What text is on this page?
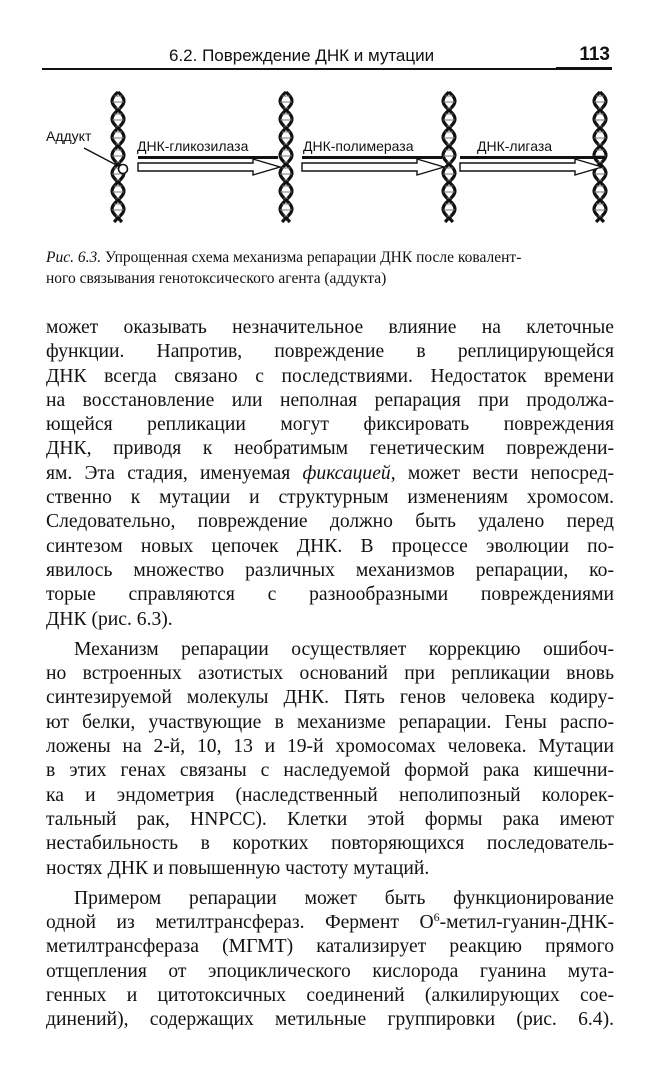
6.2. Повреждение ДНК и мутации	113
Аддукт
ДНК-гликозилаза	ДНК-полимераза	ДНК-лигаза
Рис. 6.3. Упрощенная схема механизма репарации ДНК после ковалент-
ного связывания генотоксического агента (аддукта)
может оказывать незначительное влияние на клеточные
функции. Напротив, повреждение в реплицирующейся
ДНК всегда связано с последствиями. Недостаток времени
на восстановление или неполная репарация при продолжа-
ющейся репликации могут фиксировать повреждения
ДНК, приводя к необратимым генетическим повреждени-
ям. Эта стадия, именуемая фиксацией, может вести непосред-
ственно к мутации и структурным изменениям хромосом.
Следовательно, повреждение должно быть удалено перед
синтезом новых цепочек ДНК. В процессе эволюции по-
явилось множество различных механизмов репарации, ко-
торые справляются с разнообразными повреждениями
ДНК (рис. 6.3).
Механизм репарации осуществляет коррекцию ошибоч-
но встроенных азотистых оснований при репликации вновь
синтезируемой молекулы ДНК. Пять генов человека кодиру-
ют белки, участвующие в механизме репарации. Гены распо-
ложены на 2-й, 10, 13 и 19-й хромосомах человека. Мутации
в этих генах связаны с наследуемой формой рака кишечни-
ка и эндометрия (наследственный неполипозный колорек-
тальный рак, HNPCC). Клетки этой формы рака имеют
нестабильность в коротких повторяющихся последователь-
ностях ДНК и повышенную частоту мутаций.
Примером репарации может быть функционирование
одной из метилтрансфераз. Фермент $O^6-метил-гуанин-ДНК-$
метилтрансфераза (МГМТ) катализирует реакцию прямого
отщепления от эпоциклического кислорода гуанина мута-
генных и цитотоксичных соединений (алкилирующих сое-
динений), содержащих метильные группировки (рис. 6.4).
